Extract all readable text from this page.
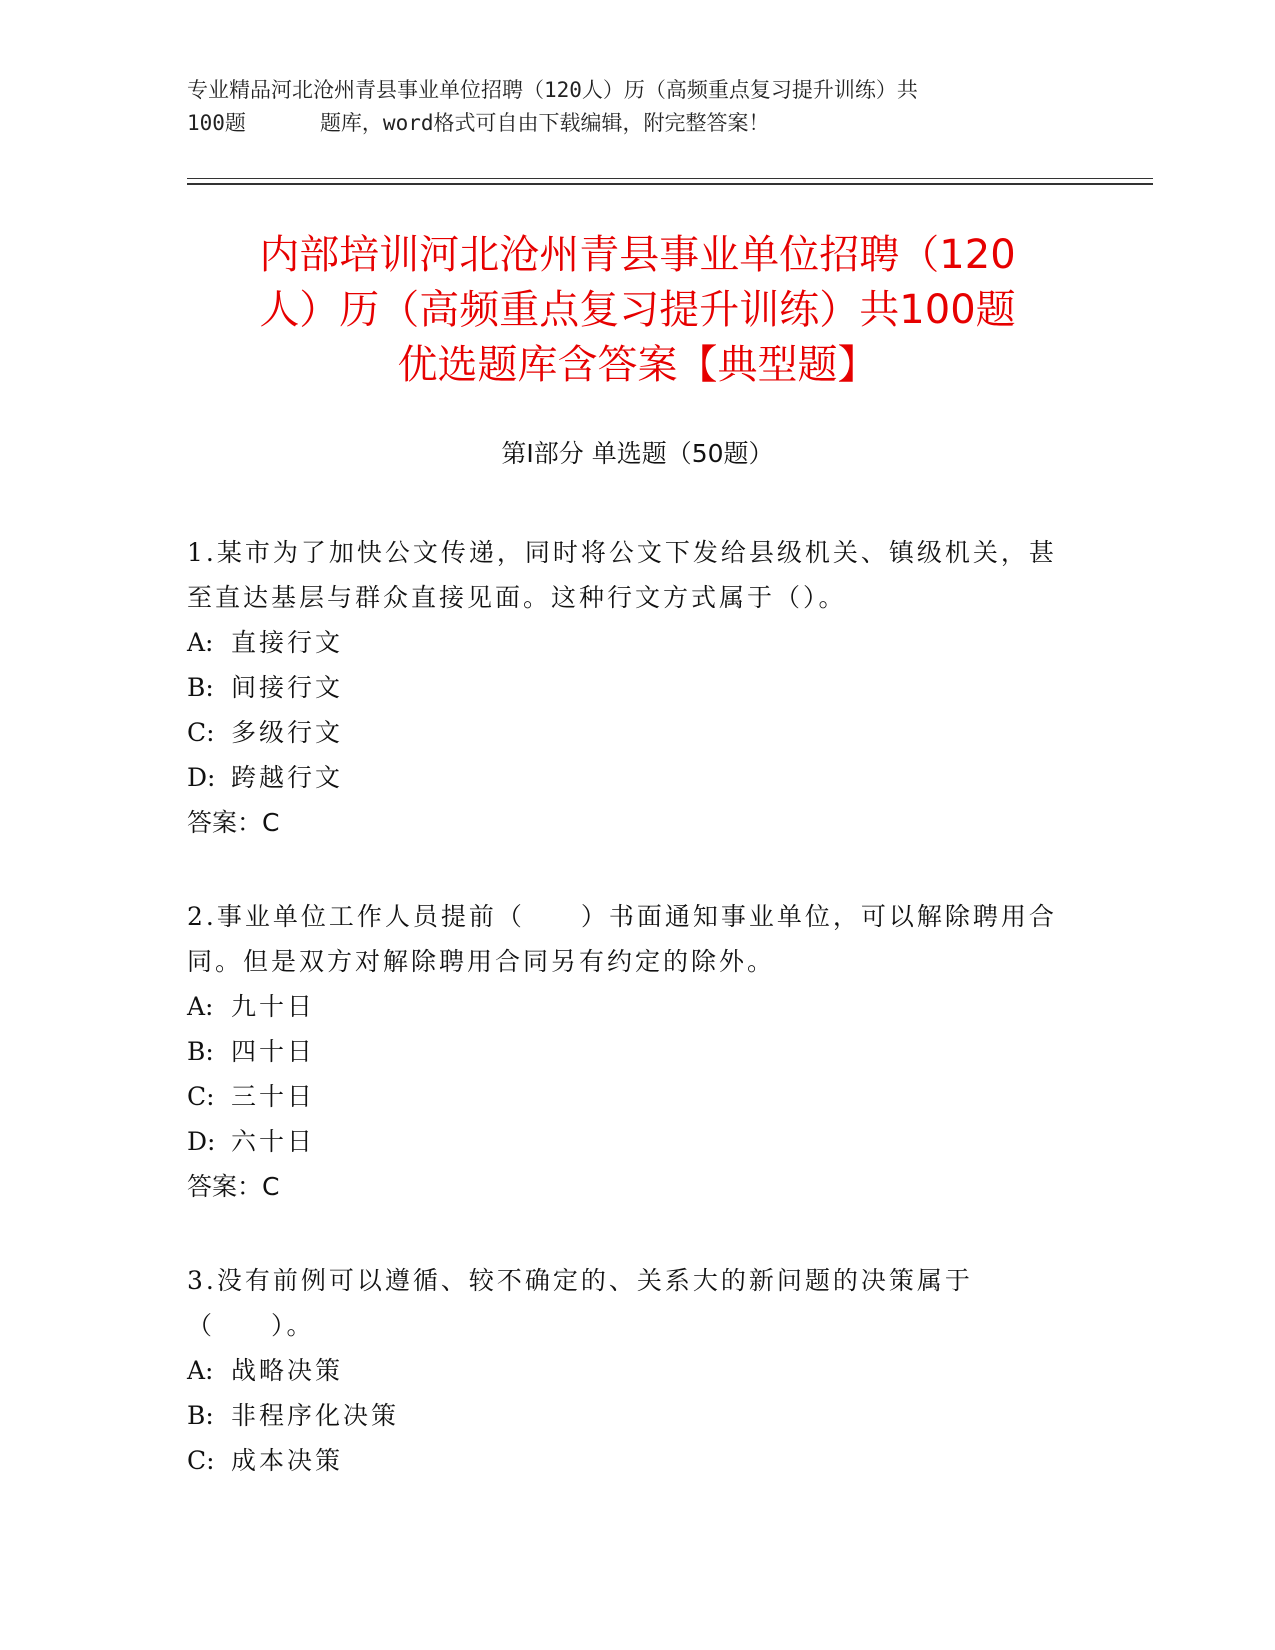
专业精品河北沧州青县事业单位招聘（120人）历（高频重点复习提升训练）共
100题	题库，word格式可自由下载编辑，附完整答案！
内部培训河北沧州青县事业单位招聘（120
人）历（高频重点复习提升训练）共100题
优选题库含答案【典型题】
第I部分 单选题（50题）
1.某市为了加快公文传递，同时将公文下发给县级机关、镇级机关，甚至直达基层与群众直接见面。这种行文方式属于（）。
A: 直接行文
B: 间接行文
C: 多级行文
D: 跨越行文
答案：C
2.事业单位工作人员提前（　　）书面通知事业单位，可以解除聘用合同。但是双方对解除聘用合同另有约定的除外。
A: 九十日
B: 四十日
C: 三十日
D: 六十日
答案：C
3.没有前例可以遵循、较不确定的、关系大的新问题的决策属于（　　）。
A: 战略决策
B: 非程序化决策
C: 成本决策
